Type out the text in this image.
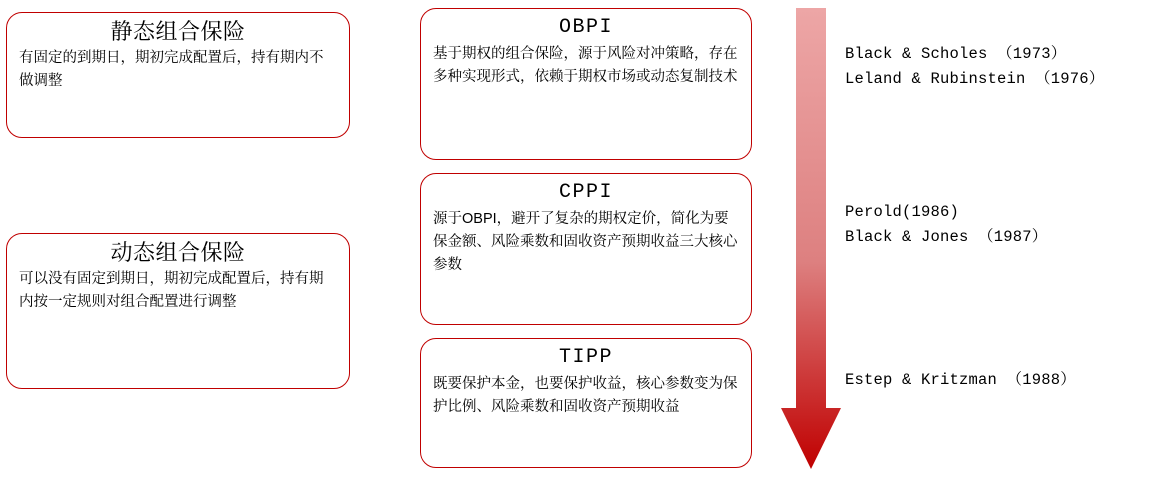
静态组合保险
有固定的到期日，期初完成配置后，持有期内不做调整
动态组合保险
可以没有固定到期日，期初完成配置后，持有期内按一定规则对组合配置进行调整
OBPI
基于期权的组合保险，源于风险对冲策略，存在多种实现形式，依赖于期权市场或动态复制技术
CPPI
源于OBPI，避开了复杂的期权定价，简化为要保金额、风险乘数和固收资产预期收益三大核心参数
TIPP
既要保护本金，也要保护收益，核心参数变为保护比例、风险乘数和固收资产预期收益
Black & Scholes （1973）
Leland & Rubinstein （1976）
Perold(1986)
Black & Jones （1987）
Estep & Kritzman （1988）
